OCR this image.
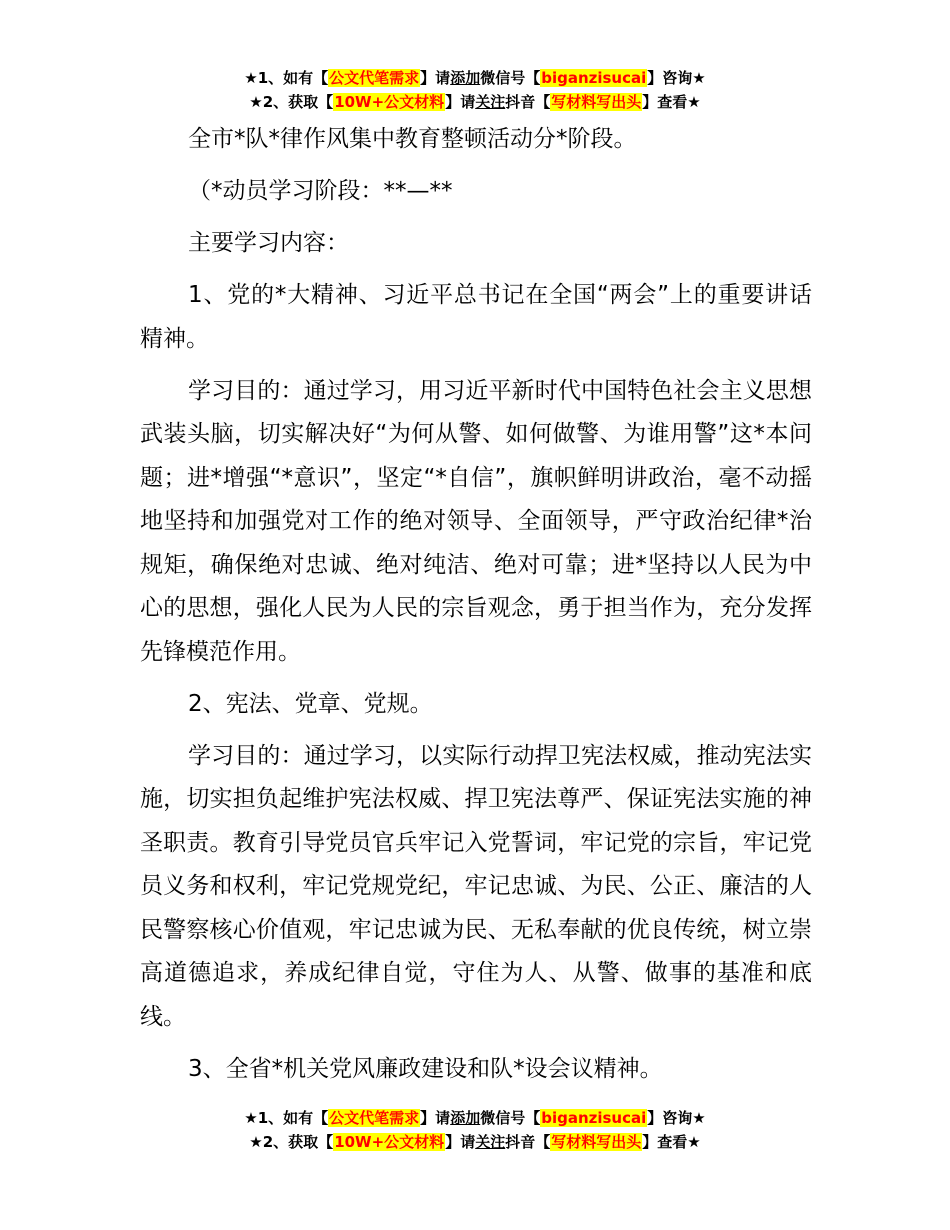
★1、如有【公文代笔需求】请添加微信号【biganzisucai】咨询★
★2、获取【10W+公文材料】请关注抖音【写材料写出头】查看★

全市*队*律作风集中教育整顿活动分*阶段。

（*动员学习阶段：**—**

主要学习内容：

1、党的*大精神、习近平总书记在全国“两会”上的重要讲话精神。

学习目的：通过学习，用习近平新时代中国特色社会主义思想武装头脑，切实解决好“为何从警、如何做警、为谁用警”这*本问题；进*增强“*意识”，坚定“*自信”，旗帜鲜明讲政治，毫不动摇地坚持和加强党对工作的绝对领导、全面领导，严守政治纪律*治规矩，确保绝对忠诚、绝对纯洁、绝对可靠；进*坚持以人民为中心的思想，强化人民为人民的宗旨观念，勇于担当作为，充分发挥先锋模范作用。

2、宪法、党章、党规。

学习目的：通过学习，以实际行动捍卫宪法权威，推动宪法实施，切实担负起维护宪法权威、捍卫宪法尊严、保证宪法实施的神圣职责。教育引导党员官兵牢记入党誓词，牢记党的宗旨，牢记党员义务和权利，牢记党规党纪，牢记忠诚、为民、公正、廉洁的人民警察核心价值观，牢记忠诚为民、无私奉献的优良传统，树立崇高道德追求，养成纪律自觉，守住为人、从警、做事的基准和底线。

3、全省*机关党风廉政建设和队*设会议精神。

★1、如有【公文代笔需求】请添加微信号【biganzisucai】咨询★
★2、获取【10W+公文材料】请关注抖音【写材料写出头】查看★
